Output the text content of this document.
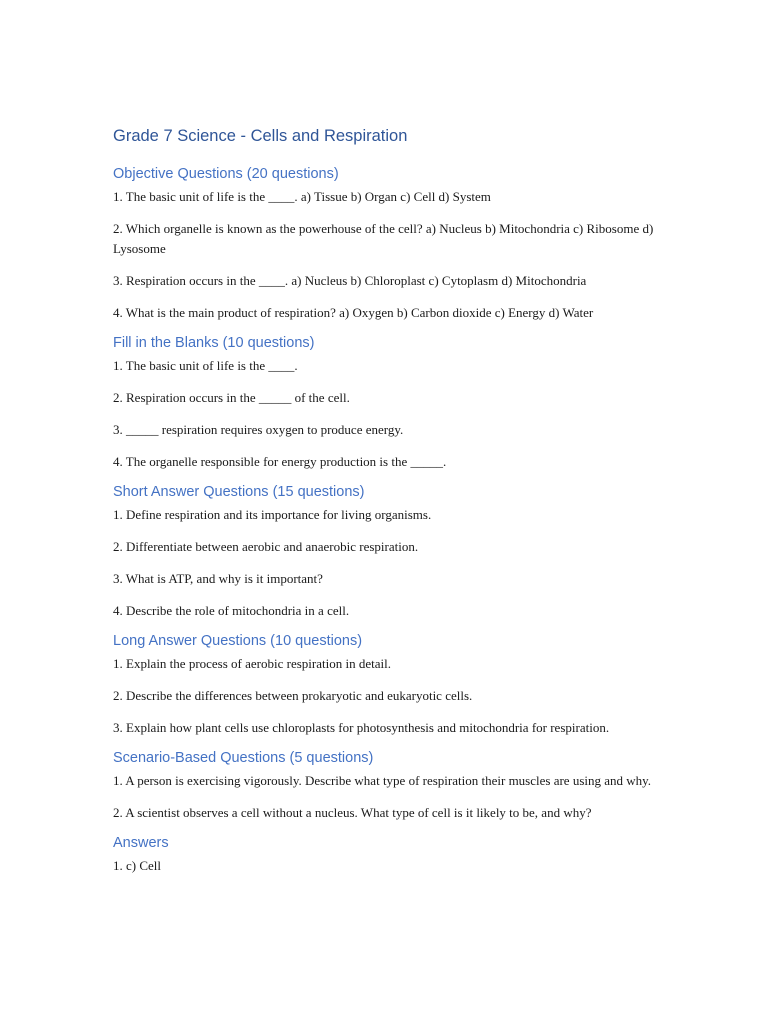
Grade 7 Science - Cells and Respiration
Objective Questions (20 questions)

1. The basic unit of life is the ____. a) Tissue b) Organ c) Cell d) System

2. Which organelle is known as the powerhouse of the cell? a) Nucleus b) Mitochondria c) Ribosome d) Lysosome

3. Respiration occurs in the ____. a) Nucleus b) Chloroplast c) Cytoplasm d) Mitochondria

4. What is the main product of respiration? a) Oxygen b) Carbon dioxide c) Energy d) Water

Fill in the Blanks (10 questions)

1. The basic unit of life is the ____.

2. Respiration occurs in the _____ of the cell.

3. _____ respiration requires oxygen to produce energy.

4. The organelle responsible for energy production is the _____.

Short Answer Questions (15 questions)

1. Define respiration and its importance for living organisms.

2. Differentiate between aerobic and anaerobic respiration.

3. What is ATP, and why is it important?

4. Describe the role of mitochondria in a cell.

Long Answer Questions (10 questions)

1. Explain the process of aerobic respiration in detail.

2. Describe the differences between prokaryotic and eukaryotic cells.

3. Explain how plant cells use chloroplasts for photosynthesis and mitochondria for respiration.

Scenario-Based Questions (5 questions)

1. A person is exercising vigorously. Describe what type of respiration their muscles are using and why.

2. A scientist observes a cell without a nucleus. What type of cell is it likely to be, and why?

Answers

1. c) Cell
